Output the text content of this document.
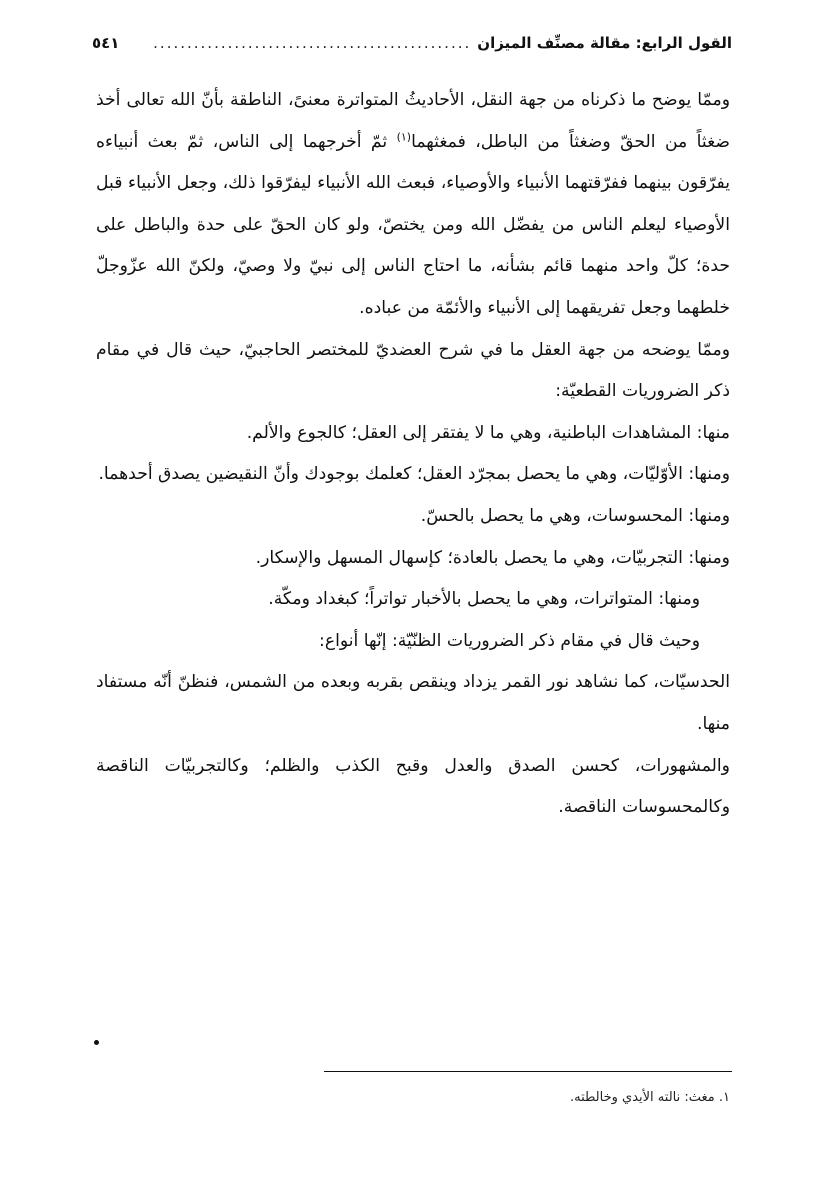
القول الرابع: مقالة مصنِّف الميزان
...............................................
٥٤١

وممّا يوضح ما ذكرناه من جهة النقل، الأحاديثُ المتواترة معنىً، الناطقة بأنّ الله تعالى أخذ ضغثاً من الحقّ وضغثاً من الباطل، فمغثهما$^{(١)}$ ثمّ أخرجهما إلى الناس، ثمّ بعث أنبياءه يفرّقون بينهما ففرّقتهما الأنبياء والأوصياء، فبعث الله الأنبياء ليفرّقوا ذلك، وجعل الأنبياء قبل الأوصياء ليعلم الناس من يفضّل الله ومن يختصّ، ولو كان الحقّ على حدة والباطل على حدة؛ كلّ واحد منهما قائم بشأنه، ما احتاج الناس إلى نبيّ ولا وصيّ، ولكنّ الله عزّوجلّ خلطهما وجعل تفريقهما إلى الأنبياء والأئمّة من عباده.

وممّا يوضحه من جهة العقل ما في شرح العضديّ للمختصر الحاجبيّ، حيث قال في مقام ذكر الضروريات القطعيّة:

منها: المشاهدات الباطنية، وهي ما لا يفتقر إلى العقل؛ كالجوع والألم.

ومنها: الأوّليّات، وهي ما يحصل بمجرّد العقل؛ كعلمك بوجودك وأنّ النقيضين يصدق أحدهما.

ومنها: المحسوسات، وهي ما يحصل بالحسّ.

ومنها: التجربيّات، وهي ما يحصل بالعادة؛ كإسهال المسهل والإسكار.

ومنها: المتواترات، وهي ما يحصل بالأخبار تواتراً؛ كبغداد ومكّة.

وحيث قال في مقام ذكر الضروريات الظنّيّة: إنّها أنواع:

الحدسيّات، كما نشاهد نور القمر يزداد وينقص بقربه وبعده من الشمس، فنظنّ أنّه مستفاد منها.

والمشهورات، كحسن الصدق والعدل وقبح الكذب والظلم؛ وكالتجربيّات الناقصة وكالمحسوسات الناقصة.

١. مغث: نالته الأيدي وخالطته.
